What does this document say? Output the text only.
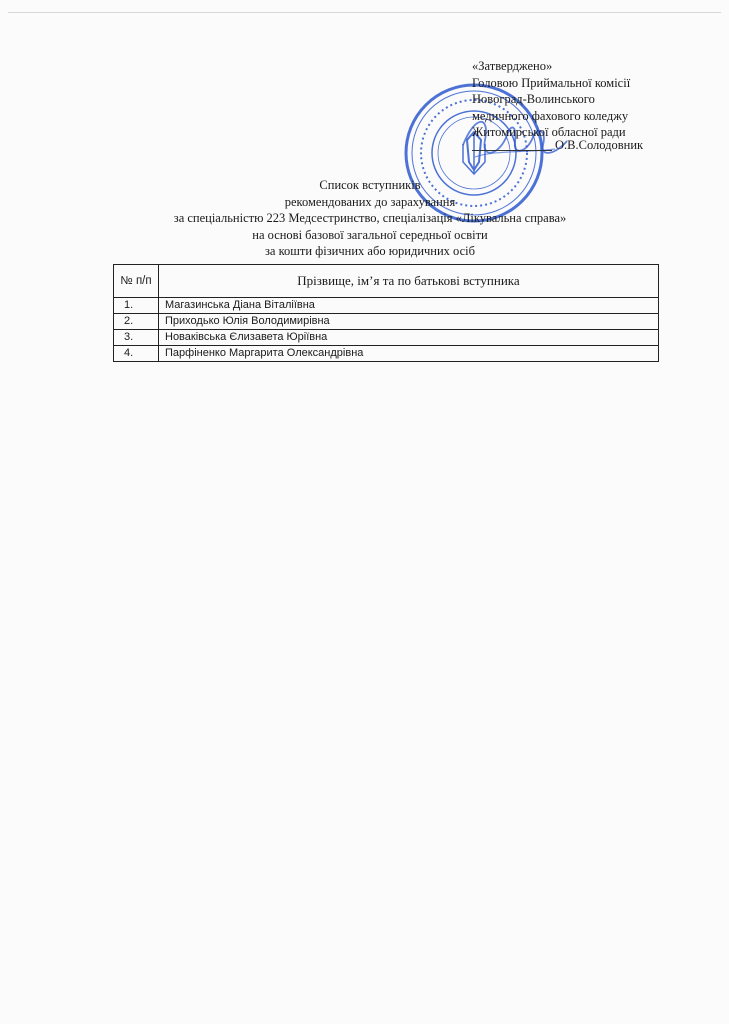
«Затверджено»
Головою Приймальної комісії
Новоград-Волинського
медичного фахового коледжу
Житомирської обласної ради
О.В.Солодовник
Список вступників
рекомендованих до зарахування
за спеціальністю 223 Медсестринство, спеціалізація «Лікувальна справа»
на основі базової загальної середньої освіти
за кошти фізичних або юридичних осіб
№ п/п	Прізвище, ім’я та по батькові вступника
1.	Магазинська Діана Віталіївна
2.	Приходько Юлія Володимирівна
3.	Новаківська Єлизавета Юріївна
4.	Парфіненко Маргарита Олександрівна
